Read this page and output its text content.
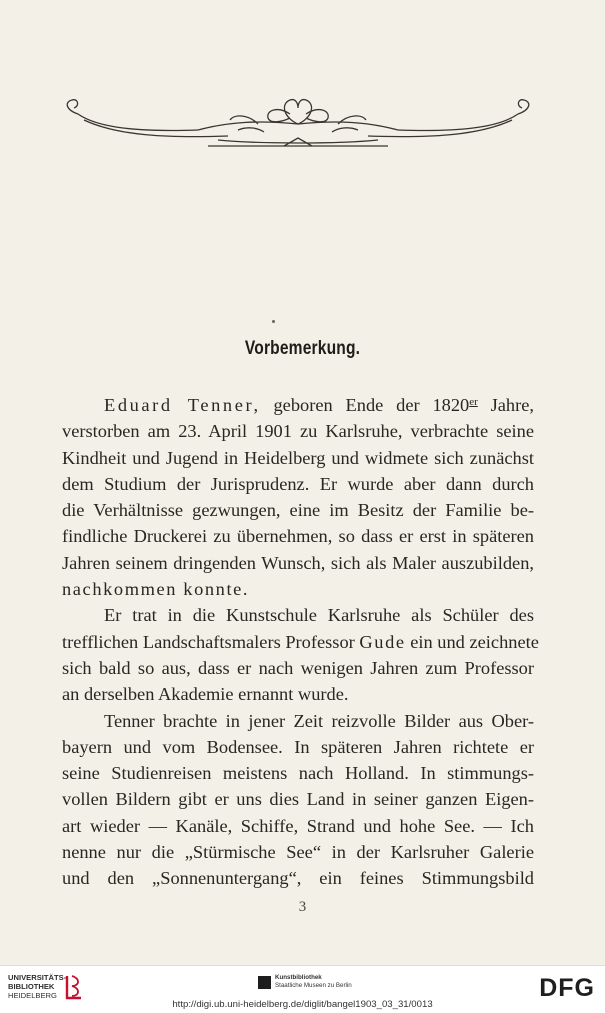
Vorbemerkung.
Eduard Tenner, geboren Ende der 1820er Jahre,
verstorben am 23. April 1901 zu Karlsruhe, verbrachte seine
Kindheit und Jugend in Heidelberg und widmete sich zunächst
dem Studium der Jurisprudenz. Er wurde aber dann durch
die Verhältnisse gezwungen, eine im Besitz der Familie be-
findliche Druckerei zu übernehmen, so dass er erst in späteren
Jahren seinem dringenden Wunsch, sich als Maler auszubilden,
nachkommen konnte.
Er trat in die Kunstschule Karlsruhe als Schüler des
trefflichen Landschaftsmalers Professor Gude ein und zeichnete
sich bald so aus, dass er nach wenigen Jahren zum Professor
an derselben Akademie ernannt wurde.
Tenner brachte in jener Zeit reizvolle Bilder aus Ober-
bayern und vom Bodensee. In späteren Jahren richtete er
seine Studienreisen meistens nach Holland. In stimmungs-
vollen Bildern gibt er uns dies Land in seiner ganzen Eigen-
art wieder — Kanäle, Schiffe, Strand und hohe See. — Ich
nenne nur die „Stürmische See“ in der Karlsruher Galerie
und den „Sonnenuntergang“, ein feines Stimmungsbild
3
UNIVERSITÄTS-
BIBLIOTHEK
HEIDELBERG
Kunstbibliothek
Staatliche Museen zu Berlin
http://digi.ub.uni-heidelberg.de/diglit/bangel1903_03_31/0013
DFG
